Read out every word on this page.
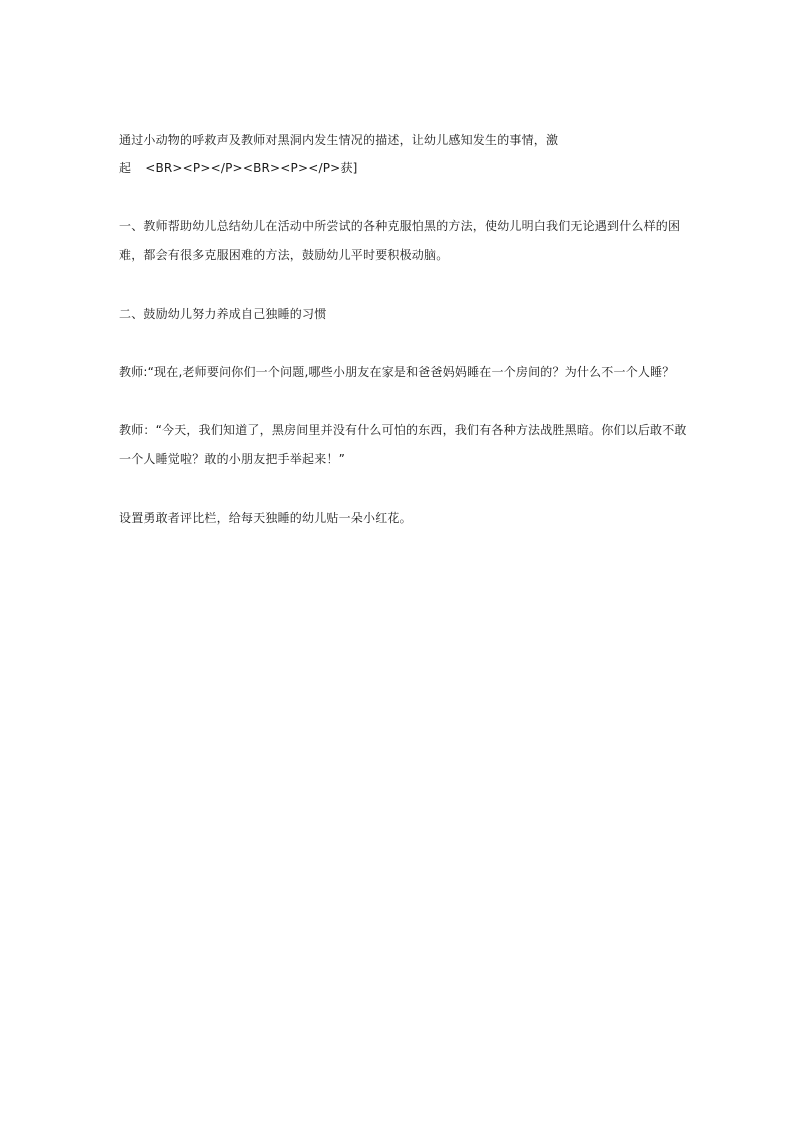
通过小动物的呼救声及教师对黑洞内发生情况的描述，让幼儿感知发生的事情，激
起 <BR><P></P><BR><P></P>获]
一、教师帮助幼儿总结幼儿在活动中所尝试的各种克服怕黑的方法，使幼儿明白我们无论遇到什么样的困
难，都会有很多克服困难的方法，鼓励幼儿平时要积极动脑。
二、鼓励幼儿努力养成自己独睡的习惯
教师:“现在,老师要问你们一个问题,哪些小朋友在家是和爸爸妈妈睡在一个房间的？为什么不一个人睡？
教师：“今天，我们知道了，黑房间里并没有什么可怕的东西，我们有各种方法战胜黑暗。你们以后敢不敢
一个人睡觉啦？敢的小朋友把手举起来！”
设置勇敢者评比栏，给每天独睡的幼儿贴一朵小红花。
